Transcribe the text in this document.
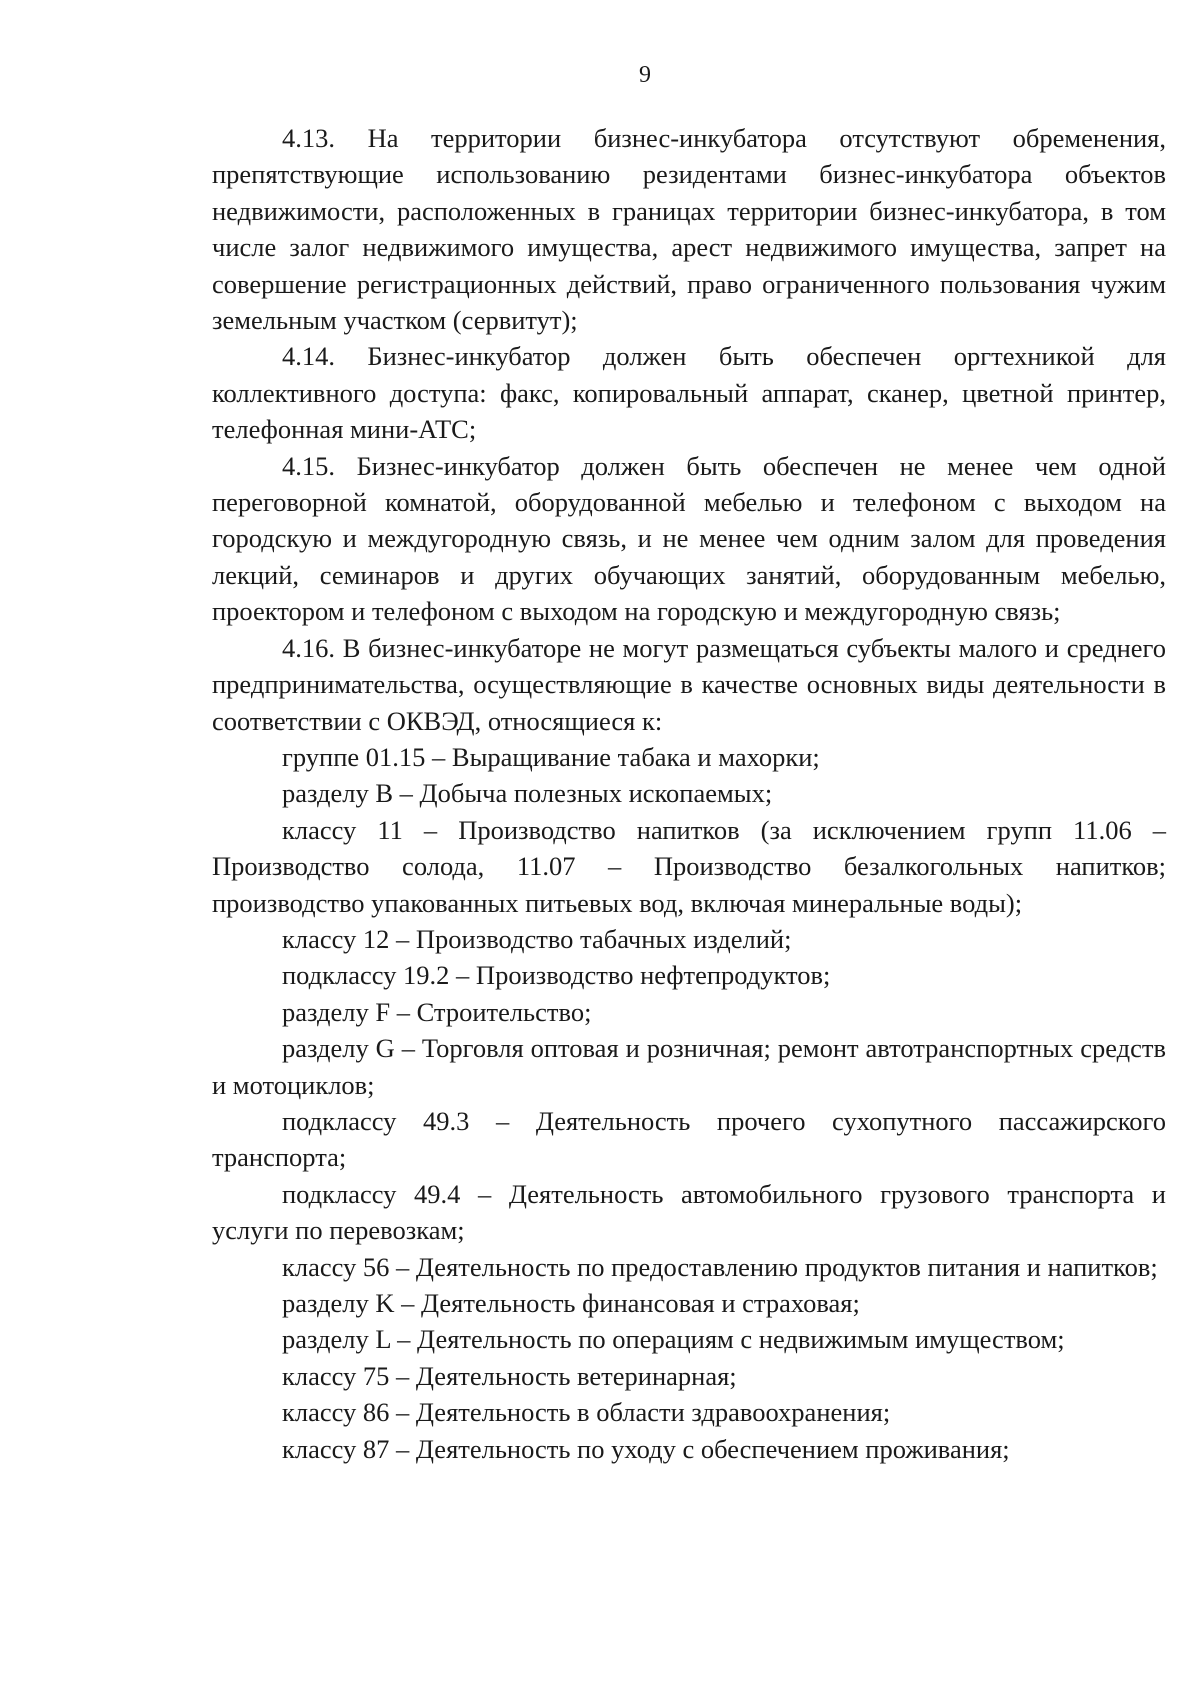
9

4.13. На территории бизнес-инкубатора отсутствуют обременения, препятствующие использованию резидентами бизнес-инкубатора объектов недвижимости, расположенных в границах территории бизнес-инкубатора, в том числе залог недвижимого имущества, арест недвижимого имущества, запрет на совершение регистрационных действий, право ограниченного пользования чужим земельным участком (сервитут);

4.14. Бизнес-инкубатор должен быть обеспечен оргтехникой для коллективного доступа: факс, копировальный аппарат, сканер, цветной принтер, телефонная мини-АТС;

4.15. Бизнес-инкубатор должен быть обеспечен не менее чем одной переговорной комнатой, оборудованной мебелью и телефоном с выходом на городскую и междугородную связь, и не менее чем одним залом для проведения лекций, семинаров и других обучающих занятий, оборудованным мебелью, проектором и телефоном с выходом на городскую и междугородную связь;

4.16. В бизнес-инкубаторе не могут размещаться субъекты малого и среднего предпринимательства, осуществляющие в качестве основных виды деятельности в соответствии с ОКВЭД, относящиеся к:

группе 01.15 – Выращивание табака и махорки;

разделу B – Добыча полезных ископаемых;

классу 11 – Производство напитков (за исключением групп 11.06 – Производство солода, 11.07 – Производство безалкогольных напитков; производство упакованных питьевых вод, включая минеральные воды);

классу 12 – Производство табачных изделий;

подклассу 19.2 – Производство нефтепродуктов;

разделу F – Строительство;

разделу G – Торговля оптовая и розничная; ремонт автотранспортных средств и мотоциклов;

подклассу 49.3 – Деятельность прочего сухопутного пассажирского транспорта;

подклассу 49.4 – Деятельность автомобильного грузового транспорта и услуги по перевозкам;

классу 56 – Деятельность по предоставлению продуктов питания и напитков;

разделу K – Деятельность финансовая и страховая;

разделу L – Деятельность по операциям с недвижимым имуществом;

классу 75 – Деятельность ветеринарная;

классу 86 – Деятельность в области здравоохранения;

классу 87 – Деятельность по уходу с обеспечением проживания;
